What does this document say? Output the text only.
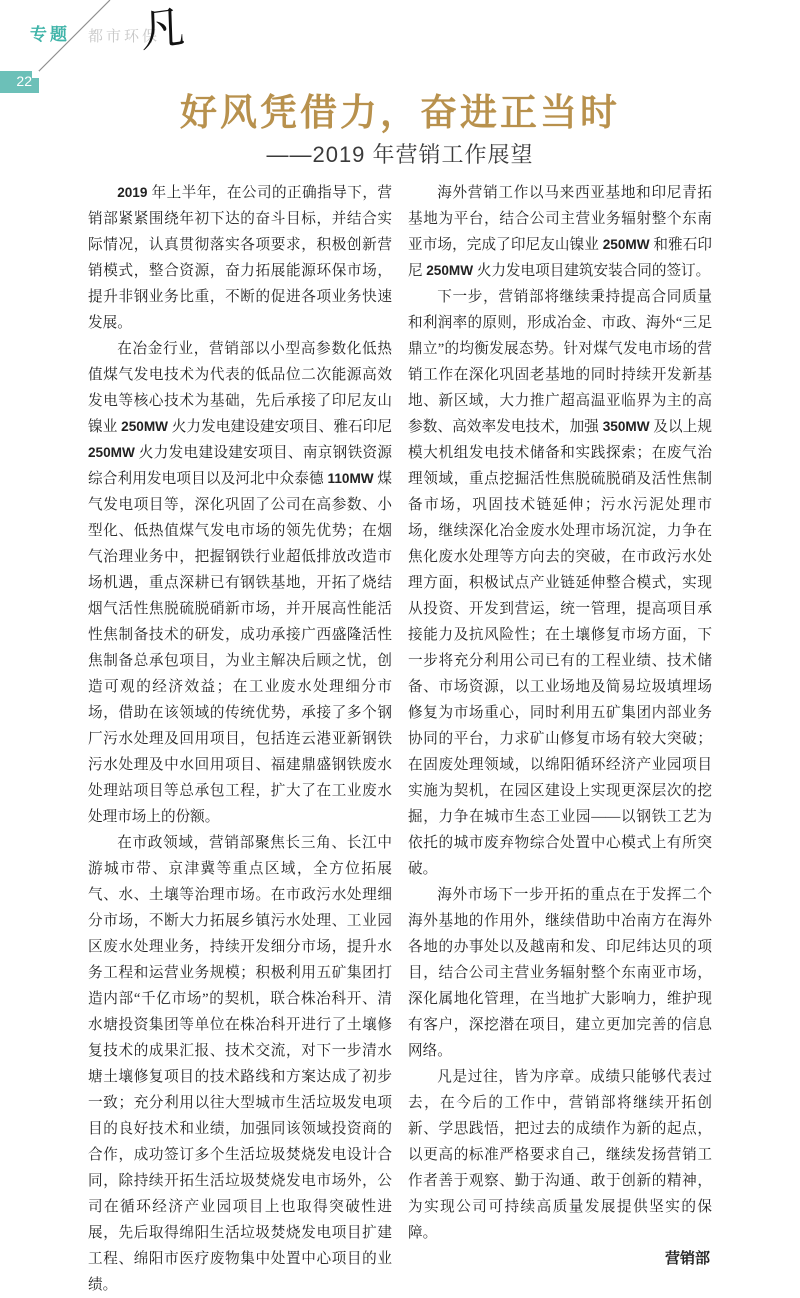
专题 都市环保
凡
22
好风凭借力，奋进正当时
——2019 年营销工作展望

2019 年上半年，在公司的正确指导下，营销部紧紧围绕年初下达的奋斗目标，并结合实际情况，认真贯彻落实各项要求，积极创新营销模式，整合资源，奋力拓展能源环保市场，提升非钢业务比重，不断的促进各项业务快速发展。

在冶金行业，营销部以小型高参数化低热值煤气发电技术为代表的低品位二次能源高效发电等核心技术为基础，先后承接了印尼友山镍业 250MW 火力发电建设建安项目、雅石印尼 250MW 火力发电建设建安项目、南京钢铁资源综合利用发电项目以及河北中众泰德 110MW 煤气发电项目等，深化巩固了公司在高参数、小型化、低热值煤气发电市场的领先优势；在烟气治理业务中，把握钢铁行业超低排放改造市场机遇，重点深耕已有钢铁基地，开拓了烧结烟气活性焦脱硫脱硝新市场，并开展高性能活性焦制备技术的研发，成功承接广西盛隆活性焦制备总承包项目，为业主解决后顾之忧，创造可观的经济效益；在工业废水处理细分市场，借助在该领域的传统优势，承接了多个钢厂污水处理及回用项目，包括连云港亚新钢铁污水处理及中水回用项目、福建鼎盛钢铁废水处理站项目等总承包工程，扩大了在工业废水处理市场上的份额。

在市政领域，营销部聚焦长三角、长江中游城市带、京津冀等重点区域，全方位拓展气、水、土壤等治理市场。在市政污水处理细分市场，不断大力拓展乡镇污水处理、工业园区废水处理业务，持续开发细分市场，提升水务工程和运营业务规模；积极利用五矿集团打造内部“千亿市场”的契机，联合株冶科开、清水塘投资集团等单位在株冶科开进行了土壤修复技术的成果汇报、技术交流，对下一步清水塘土壤修复项目的技术路线和方案达成了初步一致；充分利用以往大型城市生活垃圾发电项目的良好技术和业绩，加强同该领域投资商的合作，成功签订多个生活垃圾焚烧发电设计合同，除持续开拓生活垃圾焚烧发电市场外，公司在循环经济产业园项目上也取得突破性进展，先后取得绵阳生活垃圾焚烧发电项目扩建工程、绵阳市医疗废物集中处置中心项目的业绩。

海外营销工作以马来西亚基地和印尼青拓基地为平台，结合公司主营业务辐射整个东南亚市场，完成了印尼友山镍业 250MW 和雅石印尼 250MW 火力发电项目建筑安装合同的签订。

下一步，营销部将继续秉持提高合同质量和利润率的原则，形成冶金、市政、海外“三足鼎立”的均衡发展态势。针对煤气发电市场的营销工作在深化巩固老基地的同时持续开发新基地、新区域，大力推广超高温亚临界为主的高参数、高效率发电技术，加强 350MW 及以上规模大机组发电技术储备和实践探索；在废气治理领域，重点挖掘活性焦脱硫脱硝及活性焦制备市场，巩固技术链延伸；污水污泥处理市场，继续深化冶金废水处理市场沉淀，力争在焦化废水处理等方向去的突破，在市政污水处理方面，积极试点产业链延伸整合模式，实现从投资、开发到营运，统一管理，提高项目承接能力及抗风险性；在土壤修复市场方面，下一步将充分利用公司已有的工程业绩、技术储备、市场资源，以工业场地及简易垃圾填埋场修复为市场重心，同时利用五矿集团内部业务协同的平台，力求矿山修复市场有较大突破；在固废处理领域，以绵阳循环经济产业园项目实施为契机，在园区建设上实现更深层次的挖掘，力争在城市生态工业园——以钢铁工艺为依托的城市废弃物综合处置中心模式上有所突破。

海外市场下一步开拓的重点在于发挥二个海外基地的作用外，继续借助中冶南方在海外各地的办事处以及越南和发、印尼纬达贝的项目，结合公司主营业务辐射整个东南亚市场，深化属地化管理，在当地扩大影响力，维护现有客户，深挖潜在项目，建立更加完善的信息网络。

凡是过往，皆为序章。成绩只能够代表过去，在今后的工作中，营销部将继续开拓创新、学思践悟，把过去的成绩作为新的起点，以更高的标准严格要求自己，继续发扬营销工作者善于观察、勤于沟通、敢于创新的精神，为实现公司可持续高质量发展提供坚实的保障。

营销部
